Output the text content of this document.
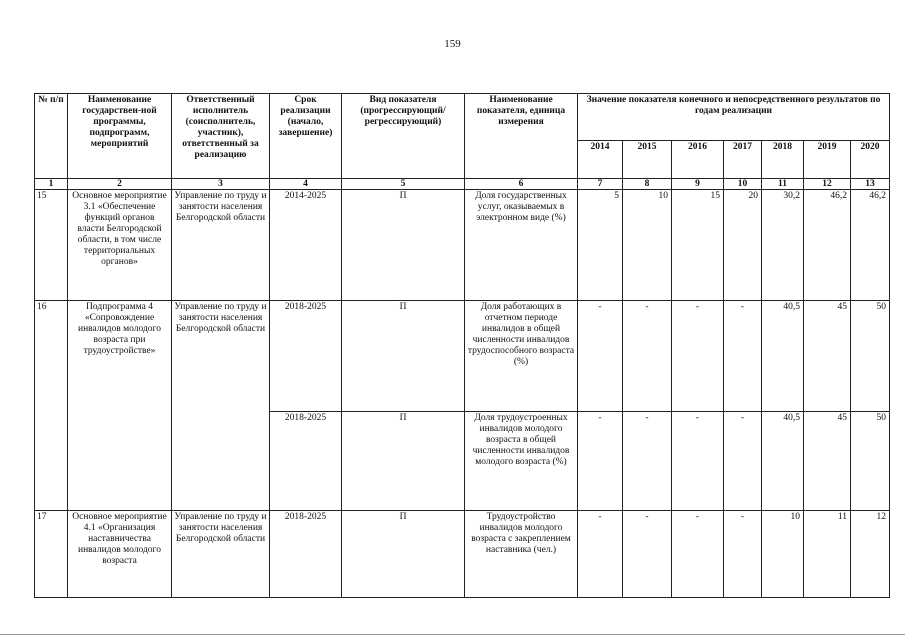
159
№ п/п	Наименование государствен-ной программы, подпрограмм, мероприятий	Ответственный исполнитель (соисполнитель, участник), ответственный за реализацию	Срок реализации (начало, завершение)	Вид показателя (прогрессирующий/ регрессирующий)	Наименование показателя, единица измерения	Значение показателя конечного и непосредственного результатов по годам реализации						
						2014	2015	2016	2017	2018	2019	2020
1	2	3	4	5	6	7	8	9	10	11	12	13
15	Основное мероприятие 3.1 «Обеспечение функций органов власти Белгородской области, в том числе территориальных органов»	Управление по труду и занятости населения Белгородской области	2014-2025	П	Доля государственных услуг, оказываемых в электронном виде (%)	5	10	15	20	30,2	46,2	46,2
16	Подпрограмма 4 «Сопровождение инвалидов молодого возраста при трудоустройстве»	Управление по труду и занятости населения Белгородской области	2018-2025	П	Доля работающих в отчетном периоде инвалидов в общей численности инвалидов трудоспособного возраста (%)	-	-	-	-	40,5	45	50
			2018-2025	П	Доля трудоустроенных инвалидов молодого возраста в общей численности инвалидов молодого возраста (%)	-	-	-	-	40,5	45	50
17	Основное мероприятие 4.1 «Организация наставничества инвалидов молодого возраста	Управление по труду и занятости населения Белгородской области	2018-2025	П	Трудоустройство инвалидов молодого возраста с закреплением наставника (чел.)	-	-	-	-	10	11	12
